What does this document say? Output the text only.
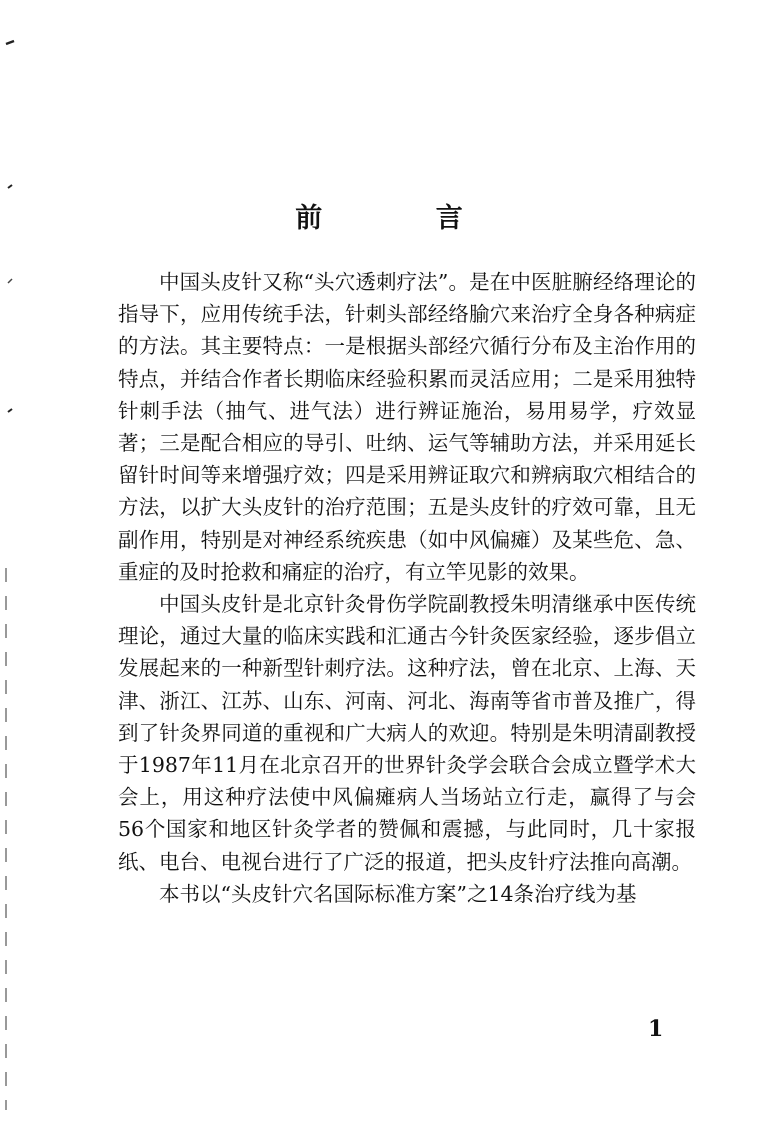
前 言

中国头皮针又称“头穴透刺疗法”。是在中医脏腑经络理论的指导下，应用传统手法，针刺头部经络腧穴来治疗全身各种病症的方法。其主要特点：一是根据头部经穴循行分布及主治作用的特点，并结合作者长期临床经验积累而灵活应用；二是采用独特针刺手法（抽气、进气法）进行辨证施治，易用易学，疗效显著；三是配合相应的导引、吐纳、运气等辅助方法，并采用延长留针时间等来增强疗效；四是采用辨证取穴和辨病取穴相结合的方法，以扩大头皮针的治疗范围；五是头皮针的疗效可靠，且无副作用，特别是对神经系统疾患（如中风偏瘫）及某些危、急、重症的及时抢救和痛症的治疗，有立竿见影的效果。

中国头皮针是北京针灸骨伤学院副教授朱明清继承中医传统理论，通过大量的临床实践和汇通古今针灸医家经验，逐步倡立发展起来的一种新型针刺疗法。这种疗法，曾在北京、上海、天津、浙江、江苏、山东、河南、河北、海南等省市普及推广，得到了针灸界同道的重视和广大病人的欢迎。特别是朱明清副教授于1987年11月在北京召开的世界针灸学会联合会成立暨学术大会上，用这种疗法使中风偏瘫病人当场站立行走，赢得了与会56个国家和地区针灸学者的赞佩和震撼，与此同时，几十家报纸、电台、电视台进行了广泛的报道，把头皮针疗法推向高潮。

本书以“头皮针穴名国际标准方案”之14条治疗线为基

1
